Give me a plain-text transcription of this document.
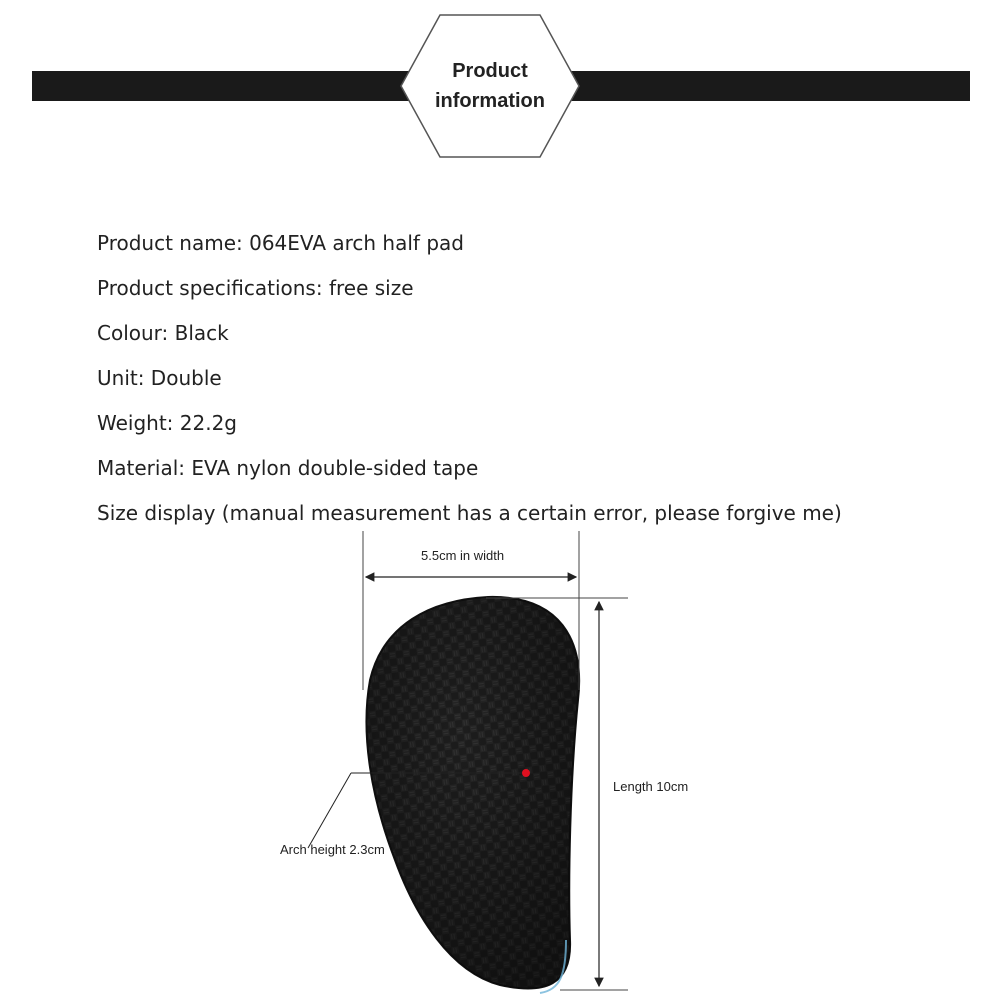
Product
information
Product name: 064EVA arch half pad
Product specifications: free size
Colour: Black
Unit: Double
Weight: 22.2g
Material: EVA nylon double-sided tape
Size display (manual measurement has a certain error, please forgive me)
5.5cm in width
Length 10cm
Arch height 2.3cm
